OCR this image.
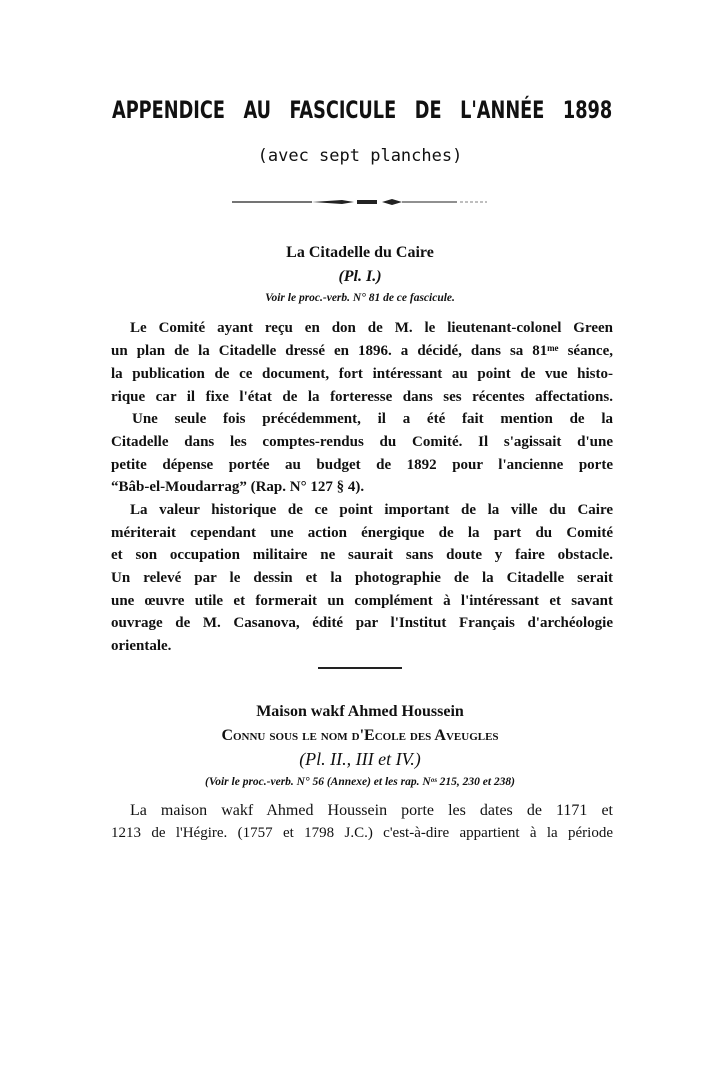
APPENDICE AU FASCICULE DE L'ANNÉE 1898
(avec sept planches)
La Citadelle du Caire
(Pl. I.)
Voir le proc.-verb. N° 81 de ce fascicule.
Le Comité ayant reçu en don de M. le lieutenant-colonel Green
un plan de la Citadelle dressé en 1896. a décidé, dans sa 81ᵐᵉ séance,
la publication de ce document, fort intéressant au point de vue histo-
rique car il fixe l'état de la forteresse dans ses récentes affectations.
Une seule fois précédemment, il a été fait mention de la
Citadelle dans les comptes-rendus du Comité. Il s'agissait d'une
petite dépense portée au budget de 1892 pour l'ancienne porte
“Bâb-el-Moudarrag” (Rap. N° 127 § 4).
La valeur historique de ce point important de la ville du Caire
mériterait cependant une action énergique de la part du Comité
et son occupation militaire ne saurait sans doute y faire obstacle.
Un relevé par le dessin et la photographie de la Citadelle serait
une œuvre utile et formerait un complément à l'intéressant et savant
ouvrage de M. Casanova, édité par l'Institut Français d'archéologie
orientale.
Maison wakf Ahmed Houssein
Connu sous le nom d'Ecole des Aveugles
(Pl. II., III et IV.)
(Voir le proc.-verb. N° 56 (Annexe) et les rap. Nᵒˢ 215, 230 et 238)
La maison wakf Ahmed Houssein porte les dates de 1171 et
1213 de l'Hégire. (1757 et 1798 J.C.) c'est-à-dire appartient à la période
